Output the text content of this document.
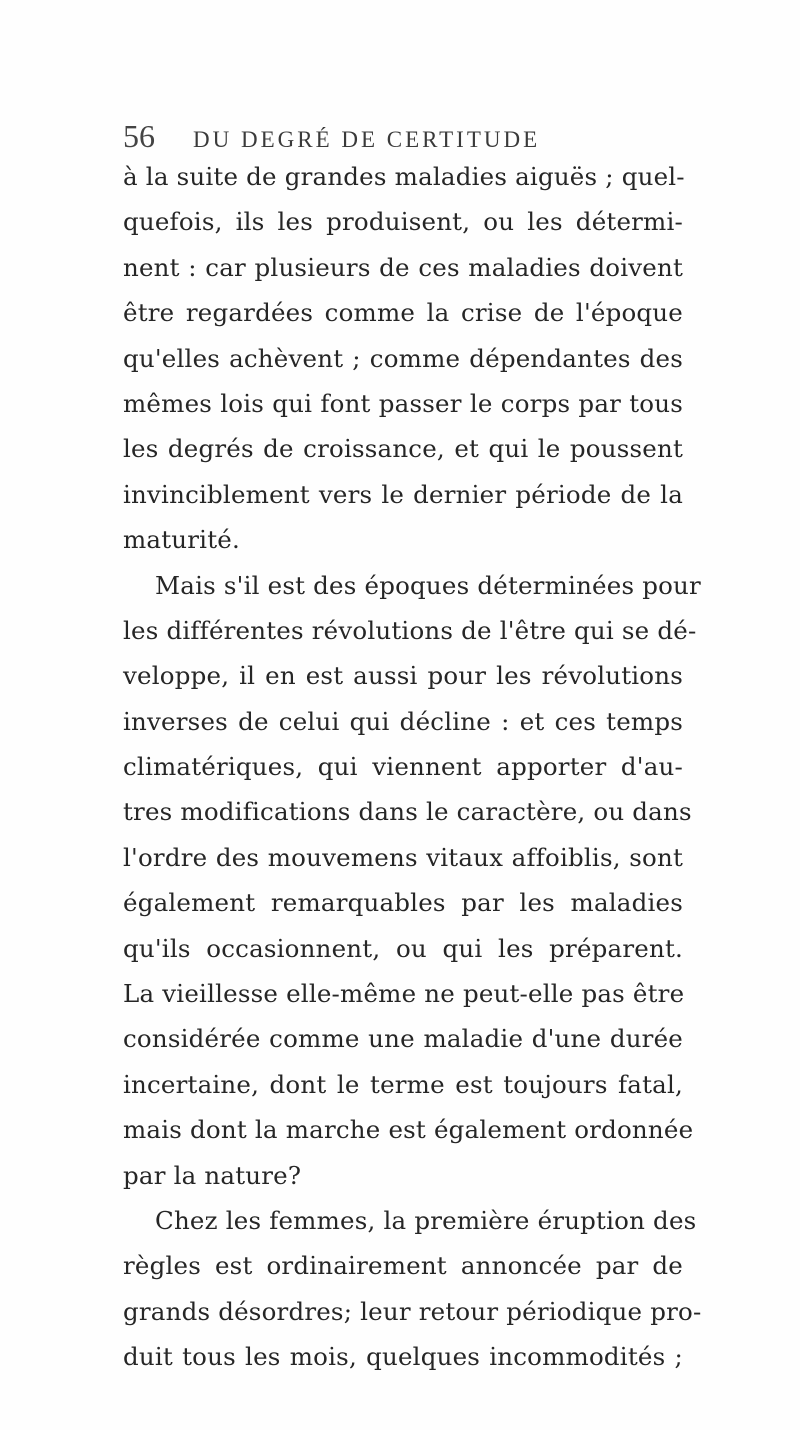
56	DU DEGRÉ DE CERTITUDE
à la suite de grandes maladies aiguës ; quel-
quefois, ils les produisent, ou les détermi-
nent : car plusieurs de ces maladies doivent
être regardées comme la crise de l'époque
qu'elles achèvent ; comme dépendantes des
mêmes lois qui font passer le corps par tous
les degrés de croissance, et qui le poussent
invinciblement vers le dernier période de la
maturité.
Mais s'il est des époques déterminées pour
les différentes révolutions de l'être qui se dé-
veloppe, il en est aussi pour les révolutions
inverses de celui qui décline : et ces temps
climatériques, qui viennent apporter d'au-
tres modifications dans le caractère, ou dans
l'ordre des mouvemens vitaux affoiblis, sont
également remarquables par les maladies
qu'ils occasionnent, ou qui les préparent.
La vieillesse elle-même ne peut-elle pas être
considérée comme une maladie d'une durée
incertaine, dont le terme est toujours fatal,
mais dont la marche est également ordonnée
par la nature?
Chez les femmes, la première éruption des
règles est ordinairement annoncée par de
grands désordres; leur retour périodique pro-
duit tous les mois, quelques incommodités ;
